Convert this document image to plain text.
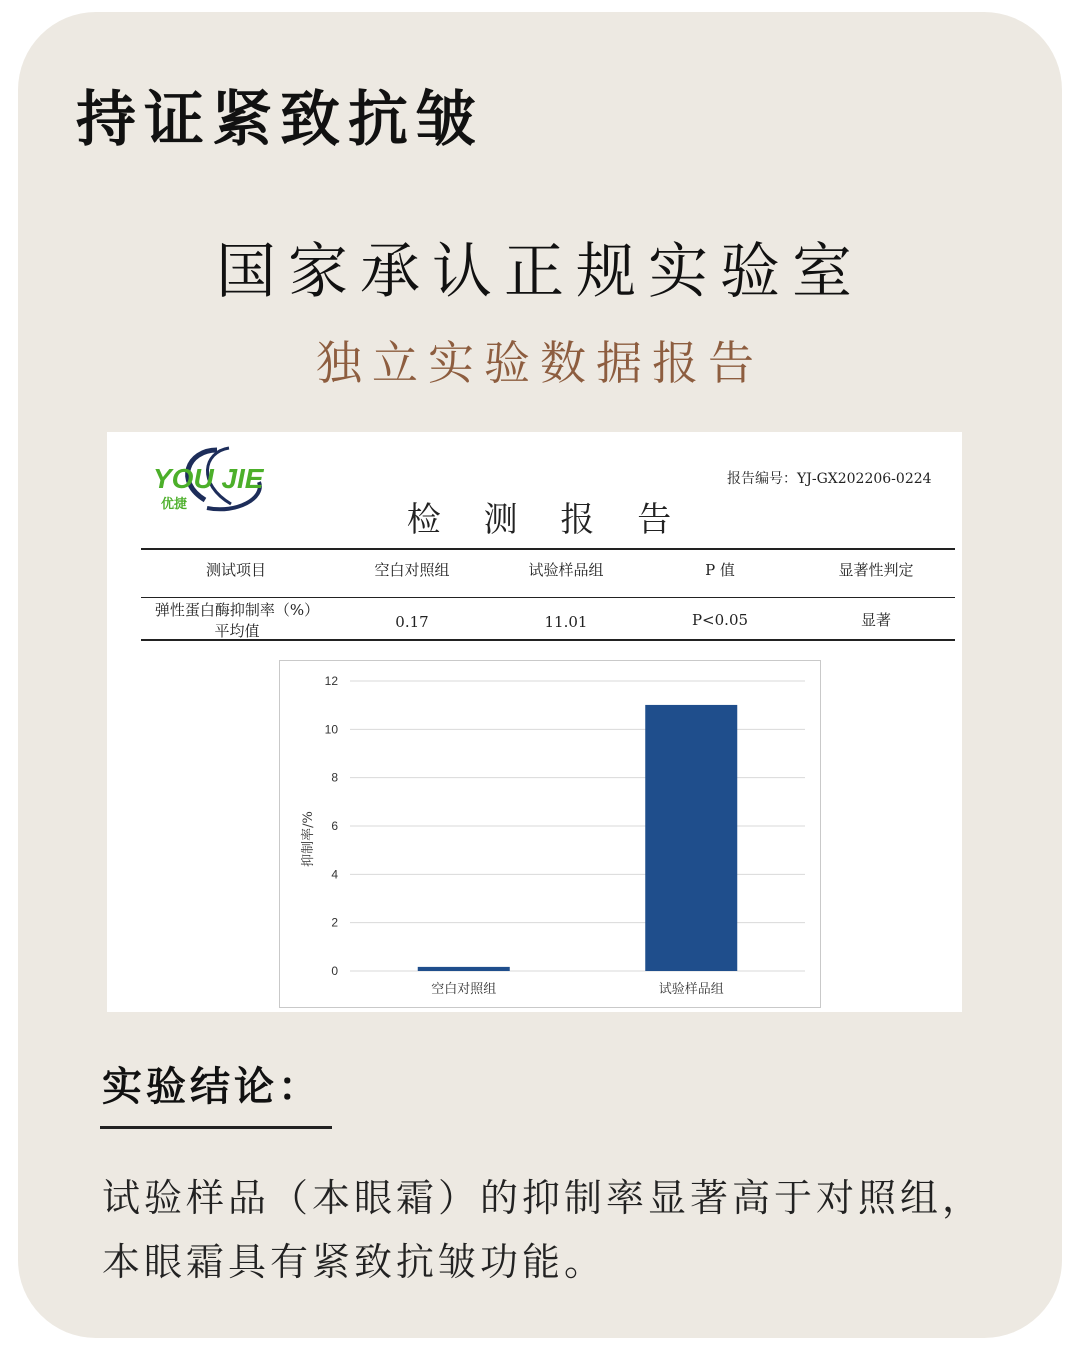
持证紧致抗皱
国家承认正规实验室
独立实验数据报告
YOU JIE
优捷
报告编号：YJ-GX202206-0224
检 测 报 告
测试项目	空白对照组	试验样品组	P 值	显著性判定
弹性蛋白酶抑制率（%）
平均值	0.17	11.01	P<0.05	显著
0
2
4
6
8
10
12
空白对照组	试验样品组
抑制率/%
实验结论：
试验样品（本眼霜）的抑制率显著高于对照组，本眼霜具有紧致抗皱功能。
